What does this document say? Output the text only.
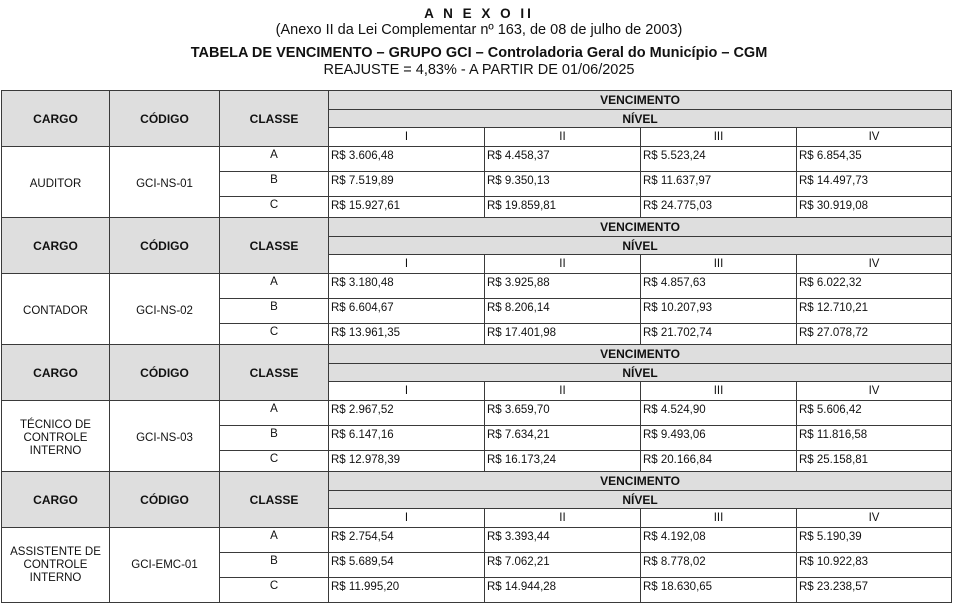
A N E X O II
(Anexo II da Lei Complementar nº 163, de 08 de julho de 2003)
TABELA DE VENCIMENTO – GRUPO GCI – Controladoria Geral do Município – CGM
REAJUSTE = 4,83% - A PARTIR DE 01/06/2025
CARGO	CÓDIGO	CLASSE	VENCIMENTO			
			NÍVEL			
			I	II	III	IV
AUDITOR	GCI-NS-01	A	R$ 3.606,48	R$ 4.458,37	R$ 5.523,24	R$ 6.854,35
		B	R$ 7.519,89	R$ 9.350,13	R$ 11.637,97	R$ 14.497,73
		C	R$ 15.927,61	R$ 19.859,81	R$ 24.775,03	R$ 30.919,08
CARGO	CÓDIGO	CLASSE	VENCIMENTO			
			NÍVEL			
			I	II	III	IV
CONTADOR	GCI-NS-02	A	R$ 3.180,48	R$ 3.925,88	R$ 4.857,63	R$ 6.022,32
		B	R$ 6.604,67	R$ 8.206,14	R$ 10.207,93	R$ 12.710,21
		C	R$ 13.961,35	R$ 17.401,98	R$ 21.702,74	R$ 27.078,72
CARGO	CÓDIGO	CLASSE	VENCIMENTO			
			NÍVEL			
			I	II	III	IV
TÉCNICO DE CONTROLE INTERNO	GCI-NS-03	A	R$ 2.967,52	R$ 3.659,70	R$ 4.524,90	R$ 5.606,42
		B	R$ 6.147,16	R$ 7.634,21	R$ 9.493,06	R$ 11.816,58
		C	R$ 12.978,39	R$ 16.173,24	R$ 20.166,84	R$ 25.158,81
CARGO	CÓDIGO	CLASSE	VENCIMENTO			
			NÍVEL			
			I	II	III	IV
ASSISTENTE DE CONTROLE INTERNO	GCI-EMC-01	A	R$ 2.754,54	R$ 3.393,44	R$ 4.192,08	R$ 5.190,39
		B	R$ 5.689,54	R$ 7.062,21	R$ 8.778,02	R$ 10.922,83
		C	R$ 11.995,20	R$ 14.944,28	R$ 18.630,65	R$ 23.238,57
